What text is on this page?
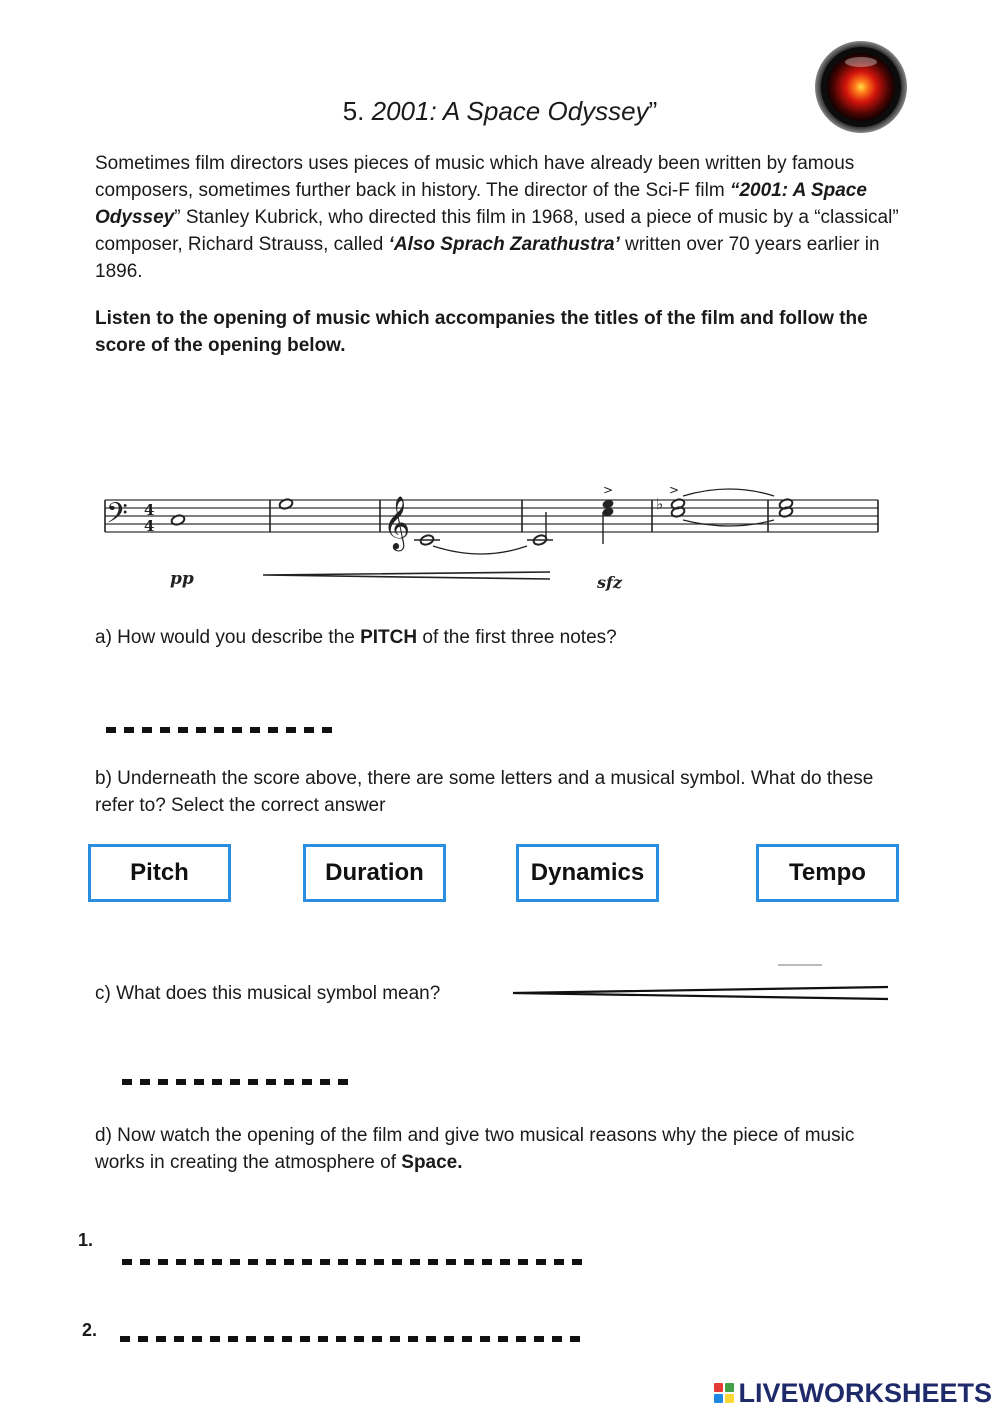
5. 2001: A Space Odyssey”
Sometimes film directors uses pieces of music which have already been written by famous composers, sometimes further back in history. The director of the Sci-F film “2001: A Space Odyssey” Stanley Kubrick, who directed this film in 1968, used a piece of music by a “classical” composer, Richard Strauss, called ‘Also Sprach Zarathustra’ written over 70 years earlier in 1896.
Listen to the opening of music which accompanies the titles of the film and follow the score of the opening below.
𝄢 4
4	𝄞
>
♭
>
pp	sfz
a) How would you describe the PITCH of the first three notes?
b) Underneath the score above, there are some letters and a musical symbol. What do these refer to? Select the correct answer
Pitch	Duration	Dynamics	Tempo
c) What does this musical symbol mean?
d) Now watch the opening of the film and give two musical reasons why the piece of music works in creating the atmosphere of Space.
1.
2.
LIVEWORKSHEETS
